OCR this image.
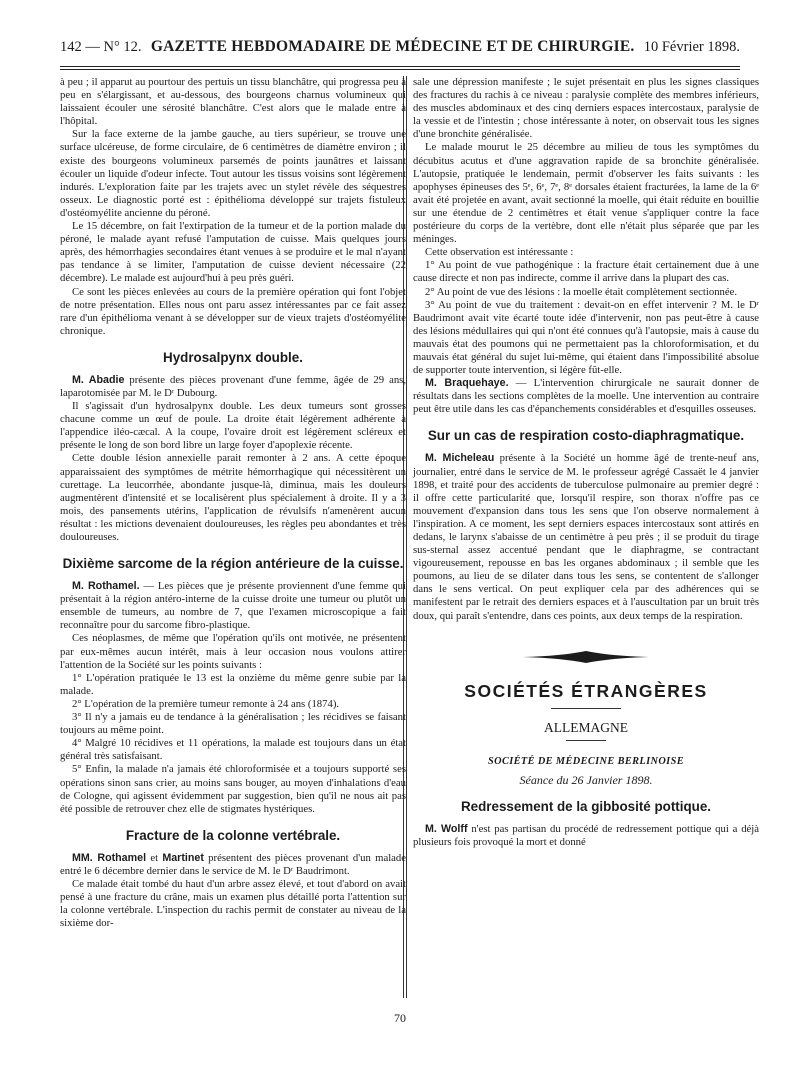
142 — N° 12. GAZETTE HEBDOMADAIRE DE MÉDECINE ET DE CHIRURGIE. 10 Février 1898.

à peu ; il apparut au pourtour des pertuis un tissu blanchâtre, qui progressa peu à peu en s'élargissant, et au-dessous, des bourgeons charnus volumineux qui laissaient écouler une sérosité blanchâtre. C'est alors que le malade entre à l'hôpital.

Sur la face externe de la jambe gauche, au tiers supérieur, se trouve une surface ulcéreuse, de forme circulaire, de 6 centimètres de diamètre environ ; il existe des bourgeons volumineux parsemés de points jaunâtres et laissant écouler un liquide d'odeur infecte. Tout autour les tissus voisins sont légèrement indurés. L'exploration faite par les trajets avec un stylet révèle des séquestres osseux. Le diagnostic porté est : épithélioma développé sur trajets fistuleux d'ostéomyélite ancienne du péroné.

Le 15 décembre, on fait l'extirpation de la tumeur et de la portion malade du péroné, le malade ayant refusé l'amputation de cuisse. Mais quelques jours après, des hémorrhagies secondaires étant venues à se produire et le mal n'ayant pas tendance à se limiter, l'amputation de cuisse devient nécessaire (22 décembre). Le malade est aujourd'hui à peu près guéri.

Ce sont les pièces enlevées au cours de la première opération qui font l'objet de notre présentation. Elles nous ont paru assez intéressantes par ce fait assez rare d'un épithélioma venant à se développer sur de vieux trajets d'ostéomyélite chronique.

Hydrosalpynx double.

M. Abadie présente des pièces provenant d'une femme, âgée de 29 ans, laparotomisée par M. le Dʳ Dubourg.

Il s'agissait d'un hydrosalpynx double. Les deux tumeurs sont grosses chacune comme un œuf de poule. La droite était légèrement adhérente à l'appendice iléo-cæcal. A la coupe, l'ovaire droit est légèrement scléreux et présente le long de son bord libre un large foyer d'apoplexie récente.

Cette double lésion annexielle parait remonter à 2 ans. A cette époque apparaissaient des symptômes de métrite hémorrhagique qui nécessitèrent un curettage. La leucorrhée, abondante jusque-là, diminua, mais les douleurs augmentèrent d'intensité et se localisèrent plus spécialement à droite. Il y a 3 mois, des pansements utérins, l'application de révulsifs n'amenèrent aucun résultat : les mictions devenaient douloureuses, les règles peu abondantes et très douloureuses.

Dixième sarcome de la région antérieure de la cuisse.

M. Rothamel. — Les pièces que je présente proviennent d'une femme qui présentait à la région antéro-interne de la cuisse droite une tumeur ou plutôt un ensemble de tumeurs, au nombre de 7, que l'examen microscopique a fait reconnaître pour du sarcome fibro-plastique.

Ces néoplasmes, de même que l'opération qu'ils ont motivée, ne présentent par eux-mêmes aucun intérêt, mais à leur occasion nous voulons attirer l'attention de la Société sur les points suivants :

1° L'opération pratiquée le 13 est la onzième du même genre subie par la malade.

2° L'opération de la première tumeur remonte à 24 ans (1874).

3° Il n'y a jamais eu de tendance à la généralisation ; les récidives se faisant toujours au même point.

4° Malgré 10 récidives et 11 opérations, la malade est toujours dans un état général très satisfaisant.

5° Enfin, la malade n'a jamais été chloroformisée et a toujours supporté ses opérations sinon sans crier, au moins sans bouger, au moyen d'inhalations d'eau de Cologne, qui agissent évidemment par suggestion, bien qu'il ne nous ait pas été possible de retrouver chez elle de stigmates hystériques.

Fracture de la colonne vertébrale.

MM. Rothamel et Martinet présentent des pièces provenant d'un malade entré le 6 décembre dernier dans le service de M. le Dʳ Baudrimont.

Ce malade était tombé du haut d'un arbre assez élevé, et tout d'abord on avait pensé à une fracture du crâne, mais un examen plus détaillé porta l'attention sur la colonne vertébrale. L'inspection du rachis permit de constater au niveau de la sixième dor-

sale une dépression manifeste ; le sujet présentait en plus les signes classiques des fractures du rachis à ce niveau : paralysie complète des membres inférieurs, des muscles abdominaux et des cinq derniers espaces intercostaux, paralysie de la vessie et de l'intestin ; chose intéressante à noter, on observait tous les signes d'une bronchite généralisée.

Le malade mourut le 25 décembre au milieu de tous les symptômes du décubitus acutus et d'une aggravation rapide de sa bronchite généralisée. L'autopsie, pratiquée le lendemain, permit d'observer les faits suivants : les apophyses épineuses des 5ᵉ, 6ᵉ, 7ᵉ, 8ᵉ dorsales étaient fracturées, la lame de la 6ᵉ avait été projetée en avant, avait sectionné la moelle, qui était réduite en bouillie sur une étendue de 2 centimètres et était venue s'appliquer contre la face postérieure du corps de la vertèbre, dont elle n'était plus séparée que par les méninges.

Cette observation est intéressante :

1° Au point de vue pathogénique : la fracture était certainement due à une cause directe et non pas indirecte, comme il arrive dans la plupart des cas.

2° Au point de vue des lésions : la moelle était complètement sectionnée.

3° Au point de vue du traitement : devait-on en effet intervenir ? M. le Dʳ Baudrimont avait vite écarté toute idée d'intervenir, non pas peut-être à cause des lésions médullaires qui qui n'ont été connues qu'à l'autopsie, mais à cause du mauvais état des poumons qui ne permettaient pas la chloroformisation, et du mauvais état général du sujet lui-même, qui étaient dans l'impossibilité absolue de supporter toute intervention, si légère fût-elle.

M. Braquehaye. — L'intervention chirurgicale ne saurait donner de résultats dans les sections complètes de la moelle. Une intervention au contraire peut être utile dans les cas d'épanchements considérables et d'esquilles osseuses.

Sur un cas de respiration costo-diaphragmatique.

M. Micheleau présente à la Société un homme âgé de trente-neuf ans, journalier, entré dans le service de M. le professeur agrégé Cassaët le 4 janvier 1898, et traité pour des accidents de tuberculose pulmonaire au premier degré : il offre cette particularité que, lorsqu'il respire, son thorax n'offre pas ce mouvement d'expansion dans tous les sens que l'on observe normalement à l'inspiration. A ce moment, les sept derniers espaces intercostaux sont attirés en dedans, le larynx s'abaisse de un centimètre à peu près ; il se produit du tirage sus-sternal assez accentué pendant que le diaphragme, se contractant vigoureusement, repousse en bas les organes abdominaux ; il semble que les poumons, au lieu de se dilater dans tous les sens, se contentent de s'allonger dans le sens vertical. On peut expliquer cela par des adhérences qui se manifestent par le retrait des derniers espaces et à l'auscultation par un bruit très doux, qui paraît s'entendre, dans ces points, aux deux temps de la respiration.

SOCIÉTÉS ÉTRANGÈRES
ALLEMAGNE
SOCIÉTÉ DE MÉDECINE BERLINOISE
Séance du 26 Janvier 1898.
Redressement de la gibbosité pottique.

M. Wolff n'est pas partisan du procédé de redressement pottique qui a déjà plusieurs fois provoqué la mort et donné

70
